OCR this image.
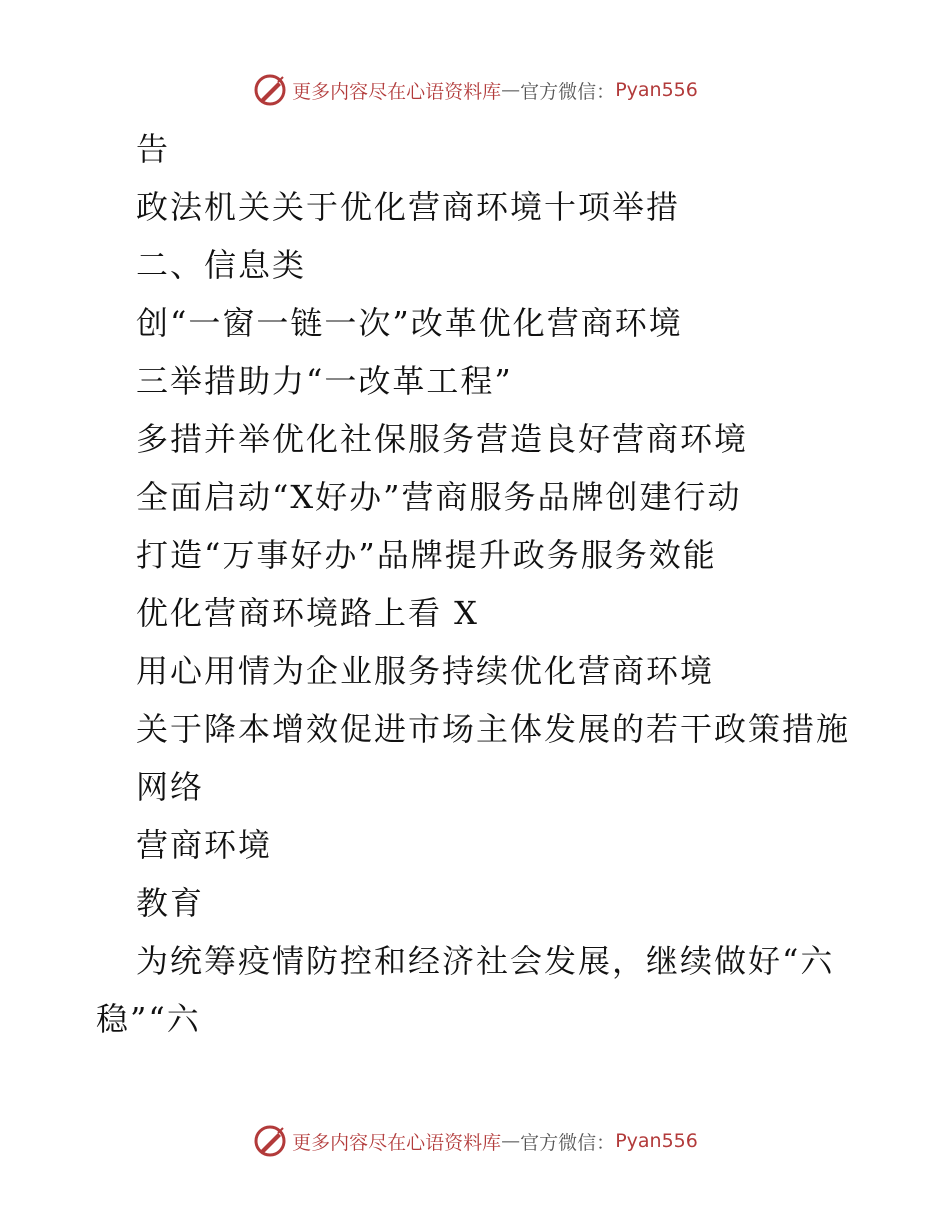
更多内容尽在心语资料库 — 官方微信： Pyan556
告
政法机关关于优化营商环境十项举措
二、信息类
创“一窗一链一次”改革优化营商环境
三举措助力“一改革工程”
多措并举优化社保服务营造良好营商环境
全面启动“X好办”营商服务品牌创建行动
打造“万事好办”品牌提升政务服务效能
优化营商环境路上看 X
用心用情为企业服务持续优化营商环境
关于降本增效促进市场主体发展的若干政策措施
网络
营商环境
教育
为统筹疫情防控和经济社会发展，继续做好“六稳”“六
更多内容尽在心语资料库 — 官方微信： Pyan556
